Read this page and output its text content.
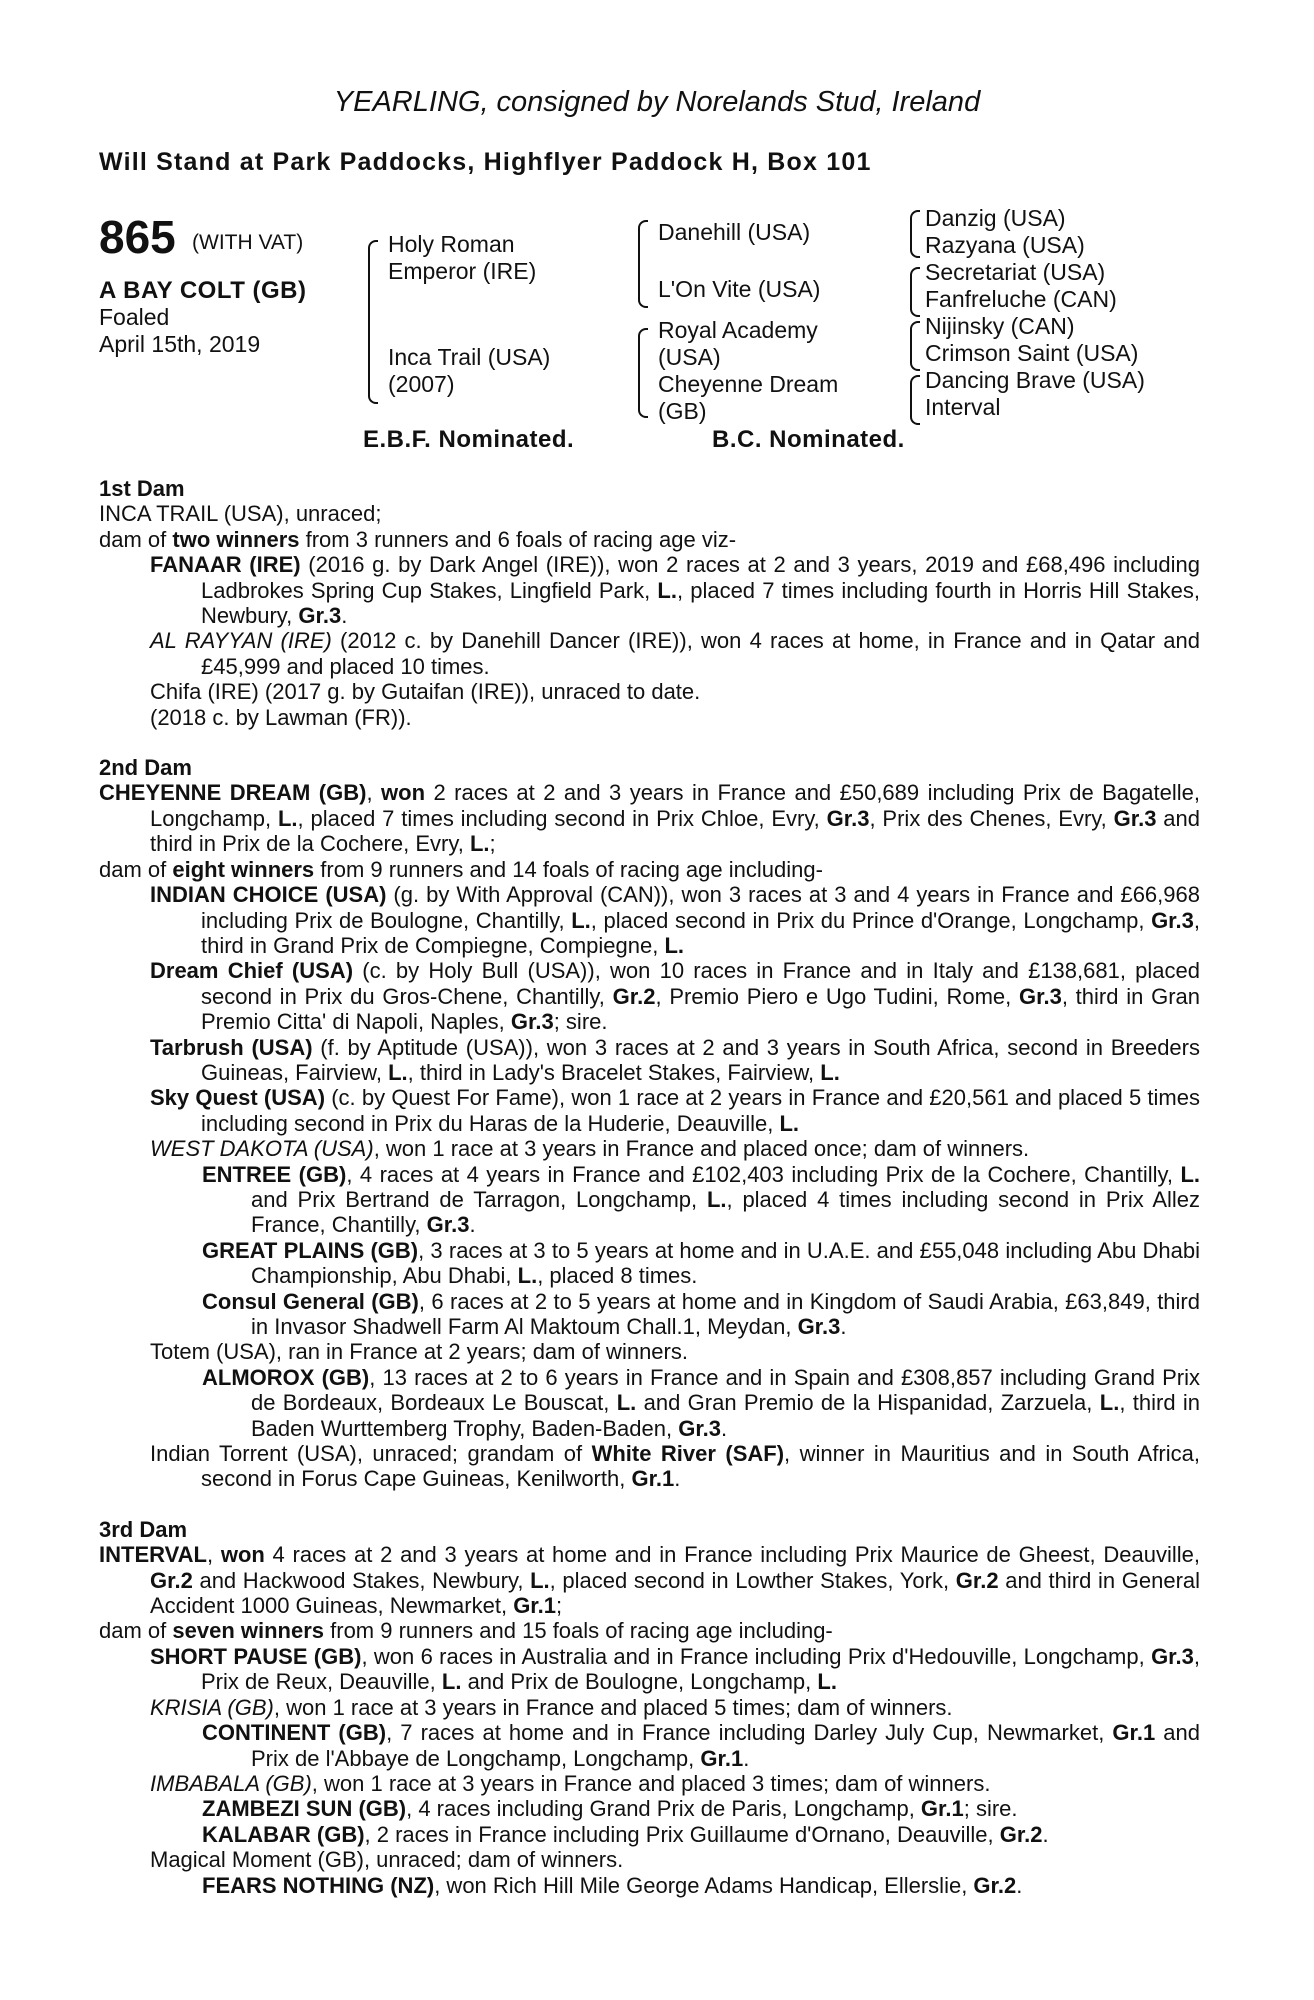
YEARLING, consigned by Norelands Stud, Ireland
Will Stand at Park Paddocks, Highflyer Paddock H, Box 101
865 (WITH VAT)
A BAY COLT (GB)
Foaled
April 15th, 2019
Holy Roman
Emperor (IRE)
Inca Trail (USA)
(2007)
Danehill (USA)
L'On Vite (USA)
Royal Academy
(USA)
Cheyenne Dream
(GB)
Danzig (USA)
Razyana (USA)
Secretariat (USA)
Fanfreluche (CAN)
Nijinsky (CAN)
Crimson Saint (USA)
Dancing Brave (USA)
Interval
E.B.F. Nominated.	B.C. Nominated.
1st Dam
INCA TRAIL (USA), unraced;
dam of two winners from 3 runners and 6 foals of racing age viz-
FANAAR (IRE) (2016 g. by Dark Angel (IRE)), won 2 races at 2 and 3 years, 2019 and £68,496 including Ladbrokes Spring Cup Stakes, Lingfield Park, L., placed 7 times including fourth in Horris Hill Stakes, Newbury, Gr.3.
AL RAYYAN (IRE) (2012 c. by Danehill Dancer (IRE)), won 4 races at home, in France and in Qatar and £45,999 and placed 10 times.
Chifa (IRE) (2017 g. by Gutaifan (IRE)), unraced to date.
(2018 c. by Lawman (FR)).
2nd Dam
CHEYENNE DREAM (GB), won 2 races at 2 and 3 years in France and £50,689 including Prix de Bagatelle, Longchamp, L., placed 7 times including second in Prix Chloe, Evry, Gr.3, Prix des Chenes, Evry, Gr.3 and third in Prix de la Cochere, Evry, L.;
dam of eight winners from 9 runners and 14 foals of racing age including-
INDIAN CHOICE (USA) (g. by With Approval (CAN)), won 3 races at 3 and 4 years in France and £66,968 including Prix de Boulogne, Chantilly, L., placed second in Prix du Prince d'Orange, Longchamp, Gr.3, third in Grand Prix de Compiegne, Compiegne, L.
Dream Chief (USA) (c. by Holy Bull (USA)), won 10 races in France and in Italy and £138,681, placed second in Prix du Gros-Chene, Chantilly, Gr.2, Premio Piero e Ugo Tudini, Rome, Gr.3, third in Gran Premio Citta' di Napoli, Naples, Gr.3; sire.
Tarbrush (USA) (f. by Aptitude (USA)), won 3 races at 2 and 3 years in South Africa, second in Breeders Guineas, Fairview, L., third in Lady's Bracelet Stakes, Fairview, L.
Sky Quest (USA) (c. by Quest For Fame), won 1 race at 2 years in France and £20,561 and placed 5 times including second in Prix du Haras de la Huderie, Deauville, L.
WEST DAKOTA (USA), won 1 race at 3 years in France and placed once; dam of winners.
ENTREE (GB), 4 races at 4 years in France and £102,403 including Prix de la Cochere, Chantilly, L. and Prix Bertrand de Tarragon, Longchamp, L., placed 4 times including second in Prix Allez France, Chantilly, Gr.3.
GREAT PLAINS (GB), 3 races at 3 to 5 years at home and in U.A.E. and £55,048 including Abu Dhabi Championship, Abu Dhabi, L., placed 8 times.
Consul General (GB), 6 races at 2 to 5 years at home and in Kingdom of Saudi Arabia, £63,849, third in Invasor Shadwell Farm Al Maktoum Chall.1, Meydan, Gr.3.
Totem (USA), ran in France at 2 years; dam of winners.
ALMOROX (GB), 13 races at 2 to 6 years in France and in Spain and £308,857 including Grand Prix de Bordeaux, Bordeaux Le Bouscat, L. and Gran Premio de la Hispanidad, Zarzuela, L., third in Baden Wurttemberg Trophy, Baden-Baden, Gr.3.
Indian Torrent (USA), unraced; grandam of White River (SAF), winner in Mauritius and in South Africa, second in Forus Cape Guineas, Kenilworth, Gr.1.
3rd Dam
INTERVAL, won 4 races at 2 and 3 years at home and in France including Prix Maurice de Gheest, Deauville, Gr.2 and Hackwood Stakes, Newbury, L., placed second in Lowther Stakes, York, Gr.2 and third in General Accident 1000 Guineas, Newmarket, Gr.1;
dam of seven winners from 9 runners and 15 foals of racing age including-
SHORT PAUSE (GB), won 6 races in Australia and in France including Prix d'Hedouville, Longchamp, Gr.3, Prix de Reux, Deauville, L. and Prix de Boulogne, Longchamp, L.
KRISIA (GB), won 1 race at 3 years in France and placed 5 times; dam of winners.
CONTINENT (GB), 7 races at home and in France including Darley July Cup, Newmarket, Gr.1 and Prix de l'Abbaye de Longchamp, Longchamp, Gr.1.
IMBABALA (GB), won 1 race at 3 years in France and placed 3 times; dam of winners.
ZAMBEZI SUN (GB), 4 races including Grand Prix de Paris, Longchamp, Gr.1; sire.
KALABAR (GB), 2 races in France including Prix Guillaume d'Ornano, Deauville, Gr.2.
Magical Moment (GB), unraced; dam of winners.
FEARS NOTHING (NZ), won Rich Hill Mile George Adams Handicap, Ellerslie, Gr.2.
